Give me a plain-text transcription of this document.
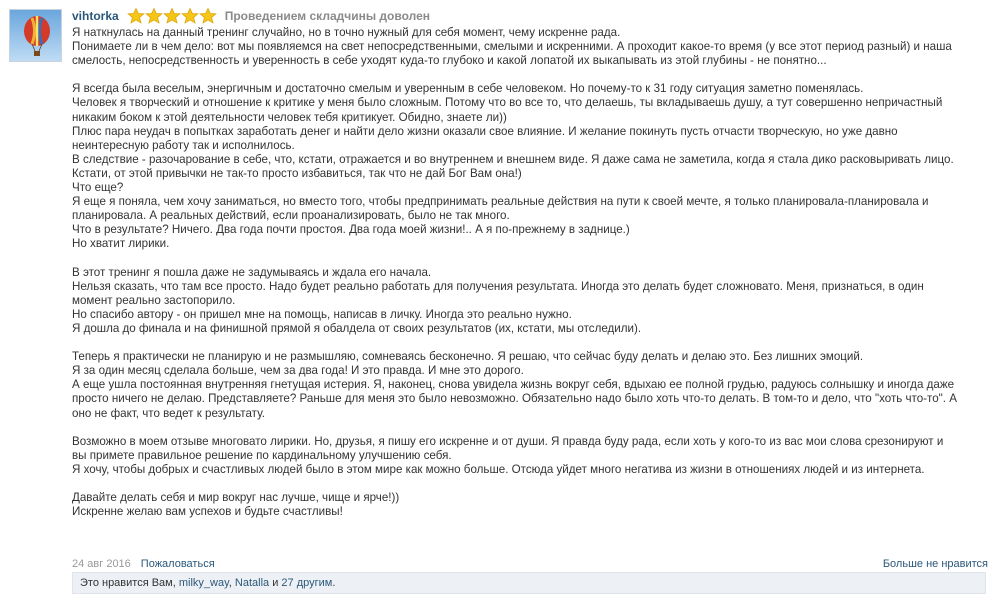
vihtorka	Проведением складчины доволен
Я наткнулась на данный тренинг случайно, но в точно нужный для себя момент, чему искренне рада.
Понимаете ли в чем дело: вот мы появляемся на свет непосредственными, смелыми и искренними. А проходит какое-то время (у все этот период разный) и наша
смелость, непосредственность и уверенность в себе уходят куда-то глубоко и какой лопатой их выкапывать из этой глубины - не понятно...
Я всегда была веселым, энергичным и достаточно смелым и уверенным в себе человеком. Но почему-то к 31 году ситуация заметно поменялась.
Человек я творческий и отношение к критике у меня было сложным. Потому что во все то, что делаешь, ты вкладываешь душу, а тут совершенно непричастный
никаким боком к этой деятельности человек тебя критикует. Обидно, знаете ли))
Плюс пара неудач в попытках заработать денег и найти дело жизни оказали свое влияние. И желание покинуть пусть отчасти творческую, но уже давно
неинтересную работу так и исполнилось.
В следствие - разочарование в себе, что, кстати, отражается и во внутреннем и внешнем виде. Я даже сама не заметила, когда я стала дико расковыривать лицо.
Кстати, от этой привычки не так-то просто избавиться, так что не дай Бог Вам она!)
Что еще?
Я еще я поняла, чем хочу заниматься, но вместо того, чтобы предпринимать реальные действия на пути к своей мечте, я только планировала-планировала и
планировала. А реальных действий, если проанализировать, было не так много.
Что в результате? Ничего. Два года почти простоя. Два года моей жизни!.. А я по-прежнему в заднице.)
Но хватит лирики.
В этот тренинг я пошла даже не задумываясь и ждала его начала.
Нельзя сказать, что там все просто. Надо будет реально работать для получения результата. Иногда это делать будет сложновато. Меня, признаться, в один
момент реально застопорило.
Но спасибо автору - он пришел мне на помощь, написав в личку. Иногда это реально нужно.
Я дошла до финала и на финишной прямой я обалдела от своих результатов (их, кстати, мы отследили).
Теперь я практически не планирую и не размышляю, сомневаясь бесконечно. Я решаю, что сейчас буду делать и делаю это. Без лишних эмоций.
Я за один месяц сделала больше, чем за два года! И это правда. И мне это дорого.
А еще ушла постоянная внутренняя гнетущая истерия. Я, наконец, снова увидела жизнь вокруг себя, вдыхаю ее полной грудью, радуюсь солнышку и иногда даже
просто ничего не делаю. Представляете? Раньше для меня это было невозможно. Обязательно надо было хоть что-то делать. В том-то и дело, что "хоть что-то". А
оно не факт, что ведет к результату.
Возможно в моем отзыве многовато лирики. Но, друзья, я пишу его искренне и от души. Я правда буду рада, если хоть у кого-то из вас мои слова срезонируют и
вы примете правильное решение по кардинальному улучшению себя.
Я хочу, чтобы добрых и счастливых людей было в этом мире как можно больше. Отсюда уйдет много негатива из жизни в отношениях людей и из интернета.
Давайте делать себя и мир вокруг нас лучше, чище и ярче!))
Искренне желаю вам успехов и будьте счастливы!
24 авг 2016 Пожаловаться	Больше не нравится
Это нравится Вам, milky_way, Natalla и 27 другим.
